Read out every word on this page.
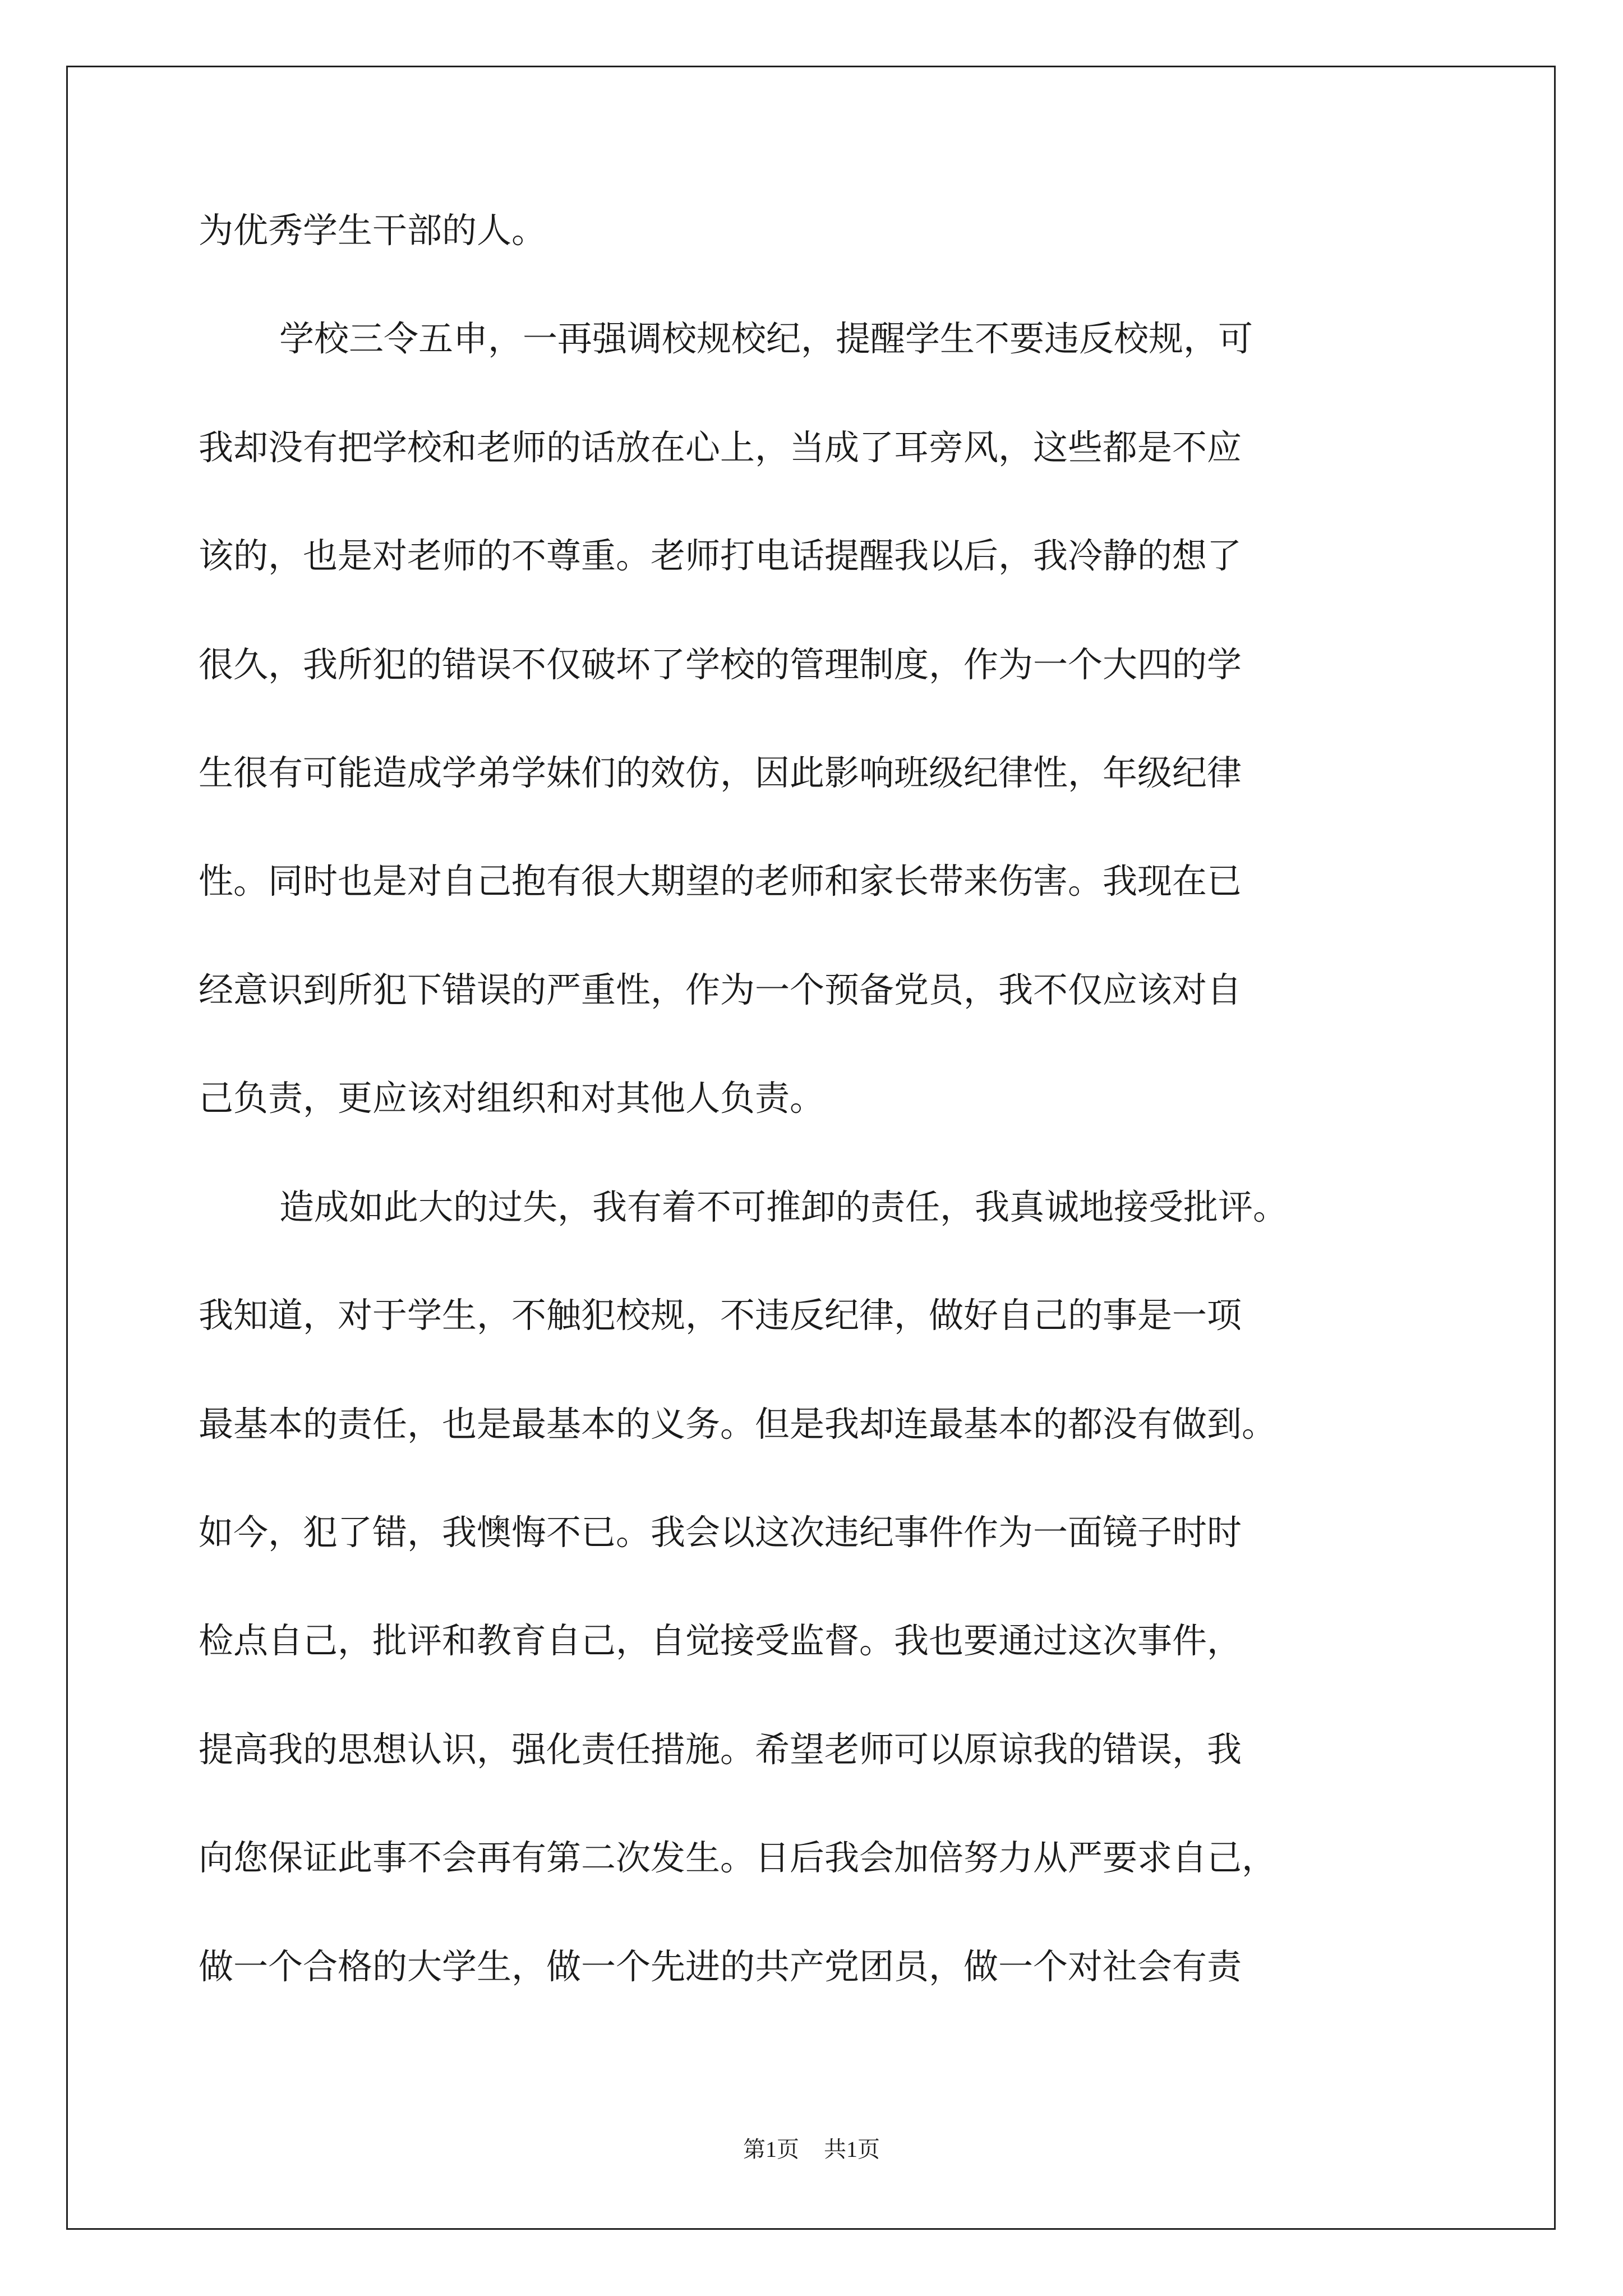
为优秀学生干部的人。
学校三令五申，一再强调校规校纪，提醒学生不要违反校规，可
我却没有把学校和老师的话放在心上，当成了耳旁风，这些都是不应
该的，也是对老师的不尊重。老师打电话提醒我以后，我冷静的想了
很久，我所犯的错误不仅破坏了学校的管理制度，作为一个大四的学
生很有可能造成学弟学妹们的效仿，因此影响班级纪律性，年级纪律
性。同时也是对自己抱有很大期望的老师和家长带来伤害。我现在已
经意识到所犯下错误的严重性，作为一个预备党员，我不仅应该对自
己负责，更应该对组织和对其他人负责。
造成如此大的过失，我有着不可推卸的责任，我真诚地接受批评。
我知道，对于学生，不触犯校规，不违反纪律，做好自己的事是一项
最基本的责任，也是最基本的义务。但是我却连最基本的都没有做到。
如今，犯了错，我懊悔不已。我会以这次违纪事件作为一面镜子时时
检点自己，批评和教育自己，自觉接受监督。我也要通过这次事件，
提高我的思想认识，强化责任措施。希望老师可以原谅我的错误，我
向您保证此事不会再有第二次发生。日后我会加倍努力从严要求自己，
做一个合格的大学生，做一个先进的共产党团员，做一个对社会有责
第1页 共1页
